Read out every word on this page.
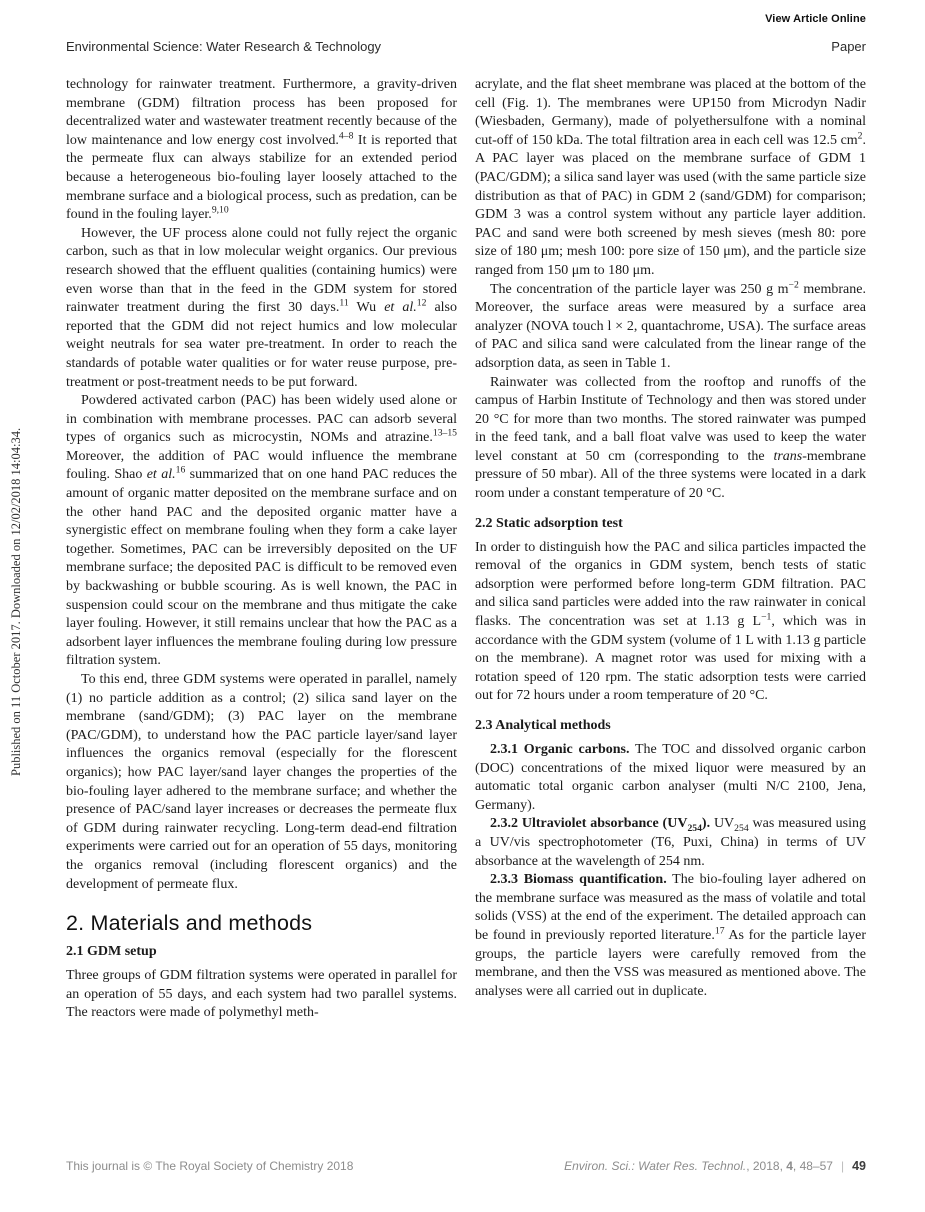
View Article Online
Environmental Science: Water Research & Technology	Paper
Published on 11 October 2017. Downloaded on 12/02/2018 14:04:34.

technology for rainwater treatment. Furthermore, a gravity-driven membrane (GDM) filtration process has been proposed for decentralized water and wastewater treatment recently because of the low maintenance and low energy cost involved.$^{4-8}$ It is reported that the permeate flux can always stabilize for an extended period because a heterogeneous bio-fouling layer loosely attached to the membrane surface and a biological process, such as predation, can be found in the fouling layer.$^{9,10}$

However, the UF process alone could not fully reject the organic carbon, such as that in low molecular weight organics. Our previous research showed that the effluent qualities (containing humics) were even worse than that in the feed in the GDM system for stored rainwater treatment during the first 30 days.$^{11}$ Wu et al.$^{12}$ also reported that the GDM did not reject humics and low molecular weight neutrals for sea water pre-treatment. In order to reach the standards of potable water qualities or for water reuse purpose, pre-treatment or post-treatment needs to be put forward.

Powdered activated carbon (PAC) has been widely used alone or in combination with membrane processes. PAC can adsorb several types of organics such as microcystin, NOMs and atrazine.$^{13-15}$ Moreover, the addition of PAC would influence the membrane fouling. Shao et al.$^{16}$ summarized that on one hand PAC reduces the amount of organic matter deposited on the membrane surface and on the other hand PAC and the deposited organic matter have a synergistic effect on membrane fouling when they form a cake layer together. Sometimes, PAC can be irreversibly deposited on the UF membrane surface; the deposited PAC is difficult to be removed even by backwashing or bubble scouring. As is well known, the PAC in suspension could scour on the membrane and thus mitigate the cake layer fouling. However, it still remains unclear that how the PAC as a adsorbent layer influences the membrane fouling during low pressure filtration system.

To this end, three GDM systems were operated in parallel, namely (1) no particle addition as a control; (2) silica sand layer on the membrane (sand/GDM); (3) PAC layer on the membrane (PAC/GDM), to understand how the PAC particle layer/sand layer influences the organics removal (especially for the florescent organics); how PAC layer/sand layer changes the properties of the bio-fouling layer adhered to the membrane surface; and whether the presence of PAC/sand layer increases or decreases the permeate flux of GDM during rainwater recycling. Long-term dead-end filtration experiments were carried out for an operation of 55 days, monitoring the organics removal (including florescent organics) and the development of permeate flux.

2. Materials and methods
2.1 GDM setup

Three groups of GDM filtration systems were operated in parallel for an operation of 55 days, and each system had two parallel systems. The reactors were made of polymethyl meth-

acrylate, and the flat sheet membrane was placed at the bottom of the cell (Fig. 1). The membranes were UP150 from Microdyn Nadir (Wiesbaden, Germany), made of polyethersulfone with a nominal cut-off of 150 kDa. The total filtration area in each cell was 12.5 $cm^2$. A PAC layer was placed on the membrane surface of GDM 1 (PAC/GDM); a silica sand layer was used (with the same particle size distribution as that of PAC) in GDM 2 (sand/GDM) for comparison; GDM 3 was a control system without any particle layer addition. PAC and sand were both screened by mesh sieves (mesh 80: pore size of 180 μm; mesh 100: pore size of 150 μm), and the particle size ranged from 150 μm to 180 μm.

The concentration of the particle layer was 250 g $m^{-2}$ membrane. Moreover, the surface areas were measured by a surface area analyzer (NOVA touch l × 2, quantachrome, USA). The surface areas of PAC and silica sand were calculated from the linear range of the adsorption data, as seen in Table 1.

Rainwater was collected from the rooftop and runoffs of the campus of Harbin Institute of Technology and then was stored under 20 °C for more than two months. The stored rainwater was pumped in the feed tank, and a ball float valve was used to keep the water level constant at 50 cm (corresponding to the trans-membrane pressure of 50 mbar). All of the three systems were located in a dark room under a constant temperature of 20 °C.

2.2 Static adsorption test

In order to distinguish how the PAC and silica particles impacted the removal of the organics in GDM system, bench tests of static adsorption were performed before long-term GDM filtration. PAC and silica sand particles were added into the raw rainwater in conical flasks. The concentration was set at 1.13 g $L^{-1}$, which was in accordance with the GDM system (volume of 1 L with 1.13 g particle on the membrane). A magnet rotor was used for mixing with a rotation speed of 120 rpm. The static adsorption tests were carried out for 72 hours under a room temperature of 20 °C.

2.3 Analytical methods

2.3.1 Organic carbons. The TOC and dissolved organic carbon (DOC) concentrations of the mixed liquor were measured by an automatic total organic carbon analyser (multi N/C 2100, Jena, Germany).

2.3.2 Ultraviolet absorbance $(UV_{254})$. $UV_{254}$ was measured using a UV/vis spectrophotometer (T6, Puxi, China) in terms of UV absorbance at the wavelength of 254 nm.

2.3.3 Biomass quantification. The bio-fouling layer adhered on the membrane surface was measured as the mass of volatile and total solids (VSS) at the end of the experiment. The detailed approach can be found in previously reported literature.$^{17}$ As for the particle layer groups, the particle layers were carefully removed from the membrane, and then the VSS was measured as mentioned above. The analyses were all carried out in duplicate.

This journal is © The Royal Society of Chemistry 2018	Environ. Sci.: Water Res. Technol., 2018, 4, 48–57 | 49
